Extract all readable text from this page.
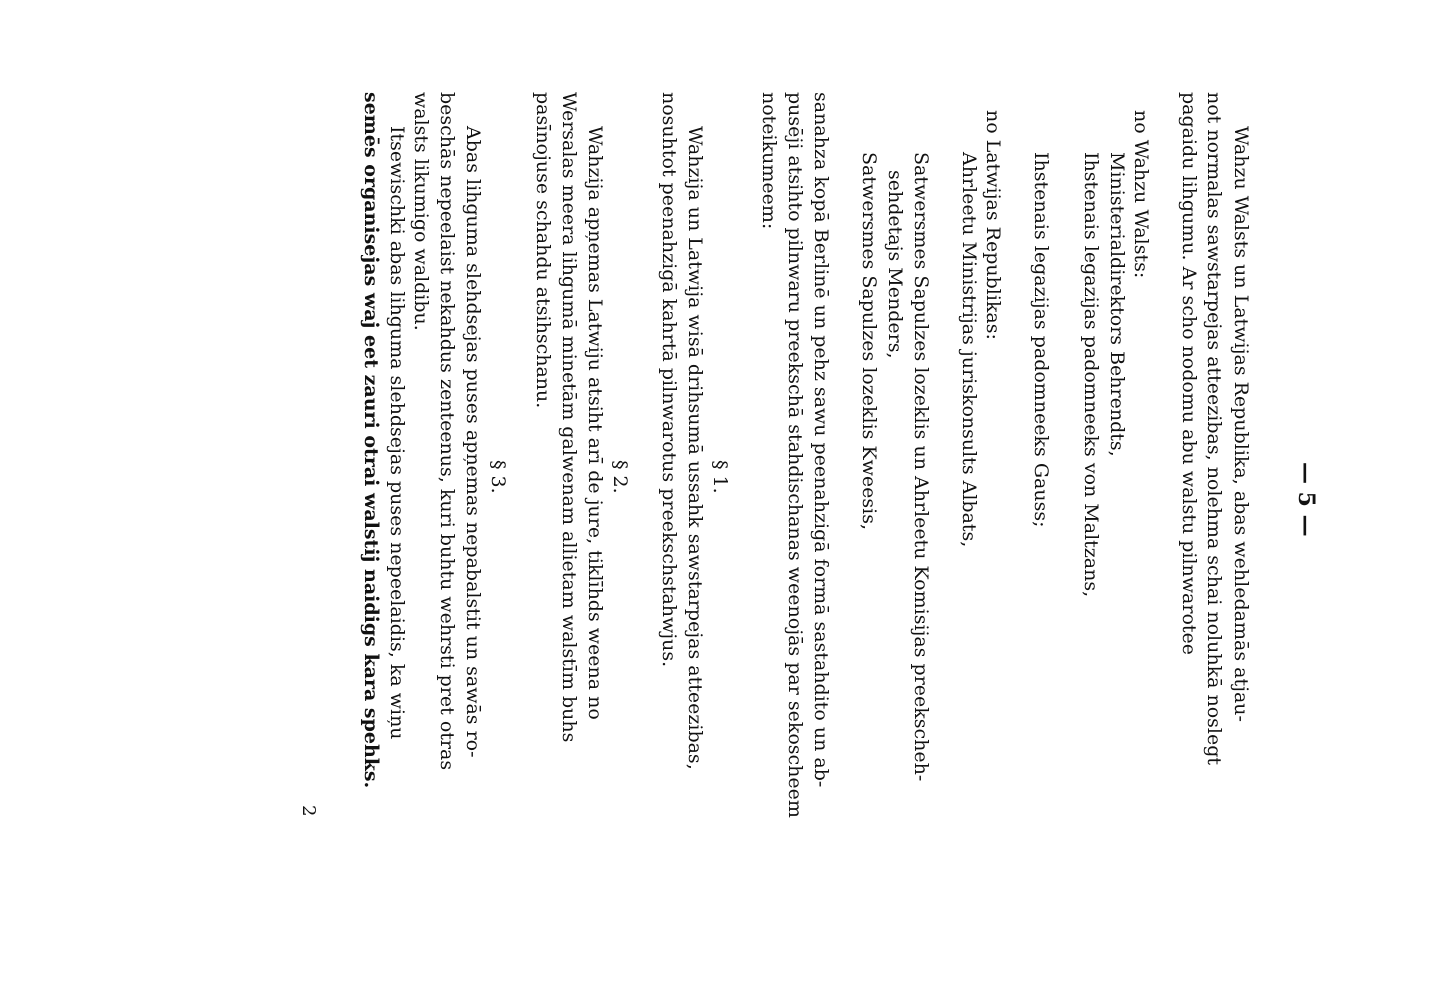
— 5 —
Wahzu Walsts un Latwijas Republika, abas wehledamās atjau-
not normalas sawstarpejas atteezibas, nolehma schai noluhkā noslegt
pagaidu lihgumu. Ar scho nodomu abu walstu pilnwarotee
no Wahzu Walsts:
Ministerialdirektors Behrendts,
Ihstenais legazijas padomneeks von Maltzans,
Ihstenais legazijas padomneeks Gauss;
no Latwijas Republikas:
Ahrleetu Ministrijas juriskonsults Albats,
Satwersmes Sapulzes lozeklis un Ahrleetu Komisijas preekscheh-
sehdetajs Menders,
Satwersmes Sapulzes lozeklis Kweesis,
sanahza kopā Berlinē un pehz sawu peenahzigā formā sastahdito un ab-
pusēji atsihto pilnwaru preekschā stahdischanas weenojās par sekoscheem
noteikumeem:
§ 1.
Wahzija un Latwija wisā drihsumā ussahk sawstarpejas atteezibas,
nosuhtot peenahzigā kahrtā pilnwarotus preekschstahwjus.
§ 2.
Wahzija apņemas Latwiju atsiht arī de jure, tiklīhds weena no
Wersalas meera lihgumā minetām galwenam allietam walstīm buhs
pasīnojuse schahdu atsihschanu.
§ 3.
Abas lihguma slehdsejas puses apņemas nepabalstit un sawās ro-
beschās nepeelaist nekahdus zenteenus, kuri buhtu wehrsti pret otras
walsts likumigo waldibu.
Itsewischki abas lihguma slehdsejas puses nepeelaidis, ka wiņu
semēs organisejas waj eet zauri otrai walstij naidigs kara spehks.
2
